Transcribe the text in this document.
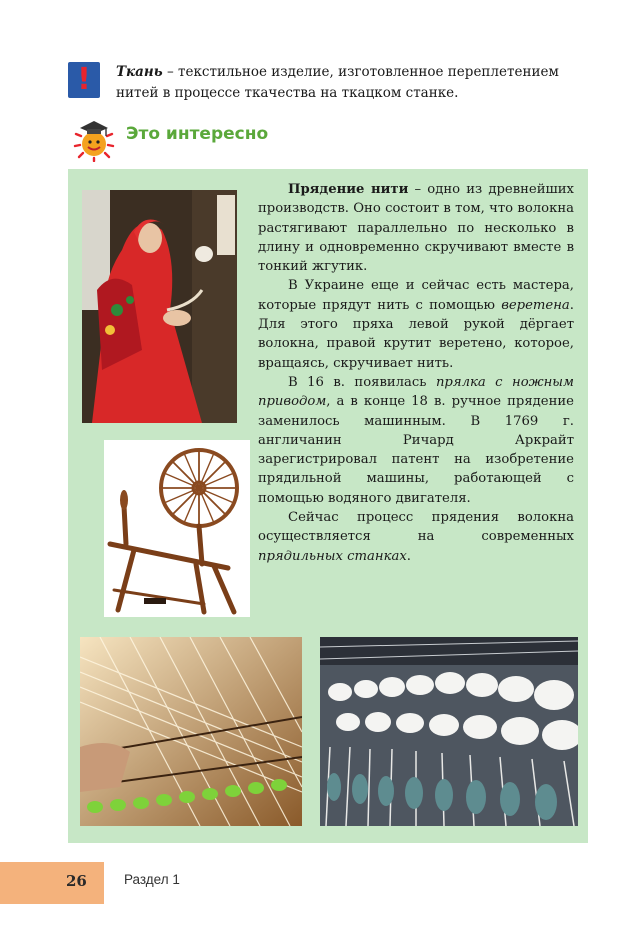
!	Ткань – текстильное изделие, изготовленное переплетением нитей в процессе ткачества на ткацком станке.
Это интересно

Прядение нити – одно из древнейших производств. Оно состоит в том, что волокна растягивают параллельно по несколько в длину и одновременно скручивают вместе в тонкий жгутик.

В Украине еще и сейчас есть мастера, которые прядут нить с помощью веретена. Для этого пряха левой рукой дёргает волокна, правой крутит веретено, которое, вращаясь, скручивает нить.

В 16 в. появилась прялка с ножным приводом, а в конце 18 в. ручное прядение заменилось машинным. В 1769 г. англичанин Ричард Аркрайт зарегистрировал патент на изобретение прядильной машины, работающей с помощью водяного двигателя.

Сейчас процесс прядения волокна осуществляется на современных прядильных станках.

26	Раздел 1
